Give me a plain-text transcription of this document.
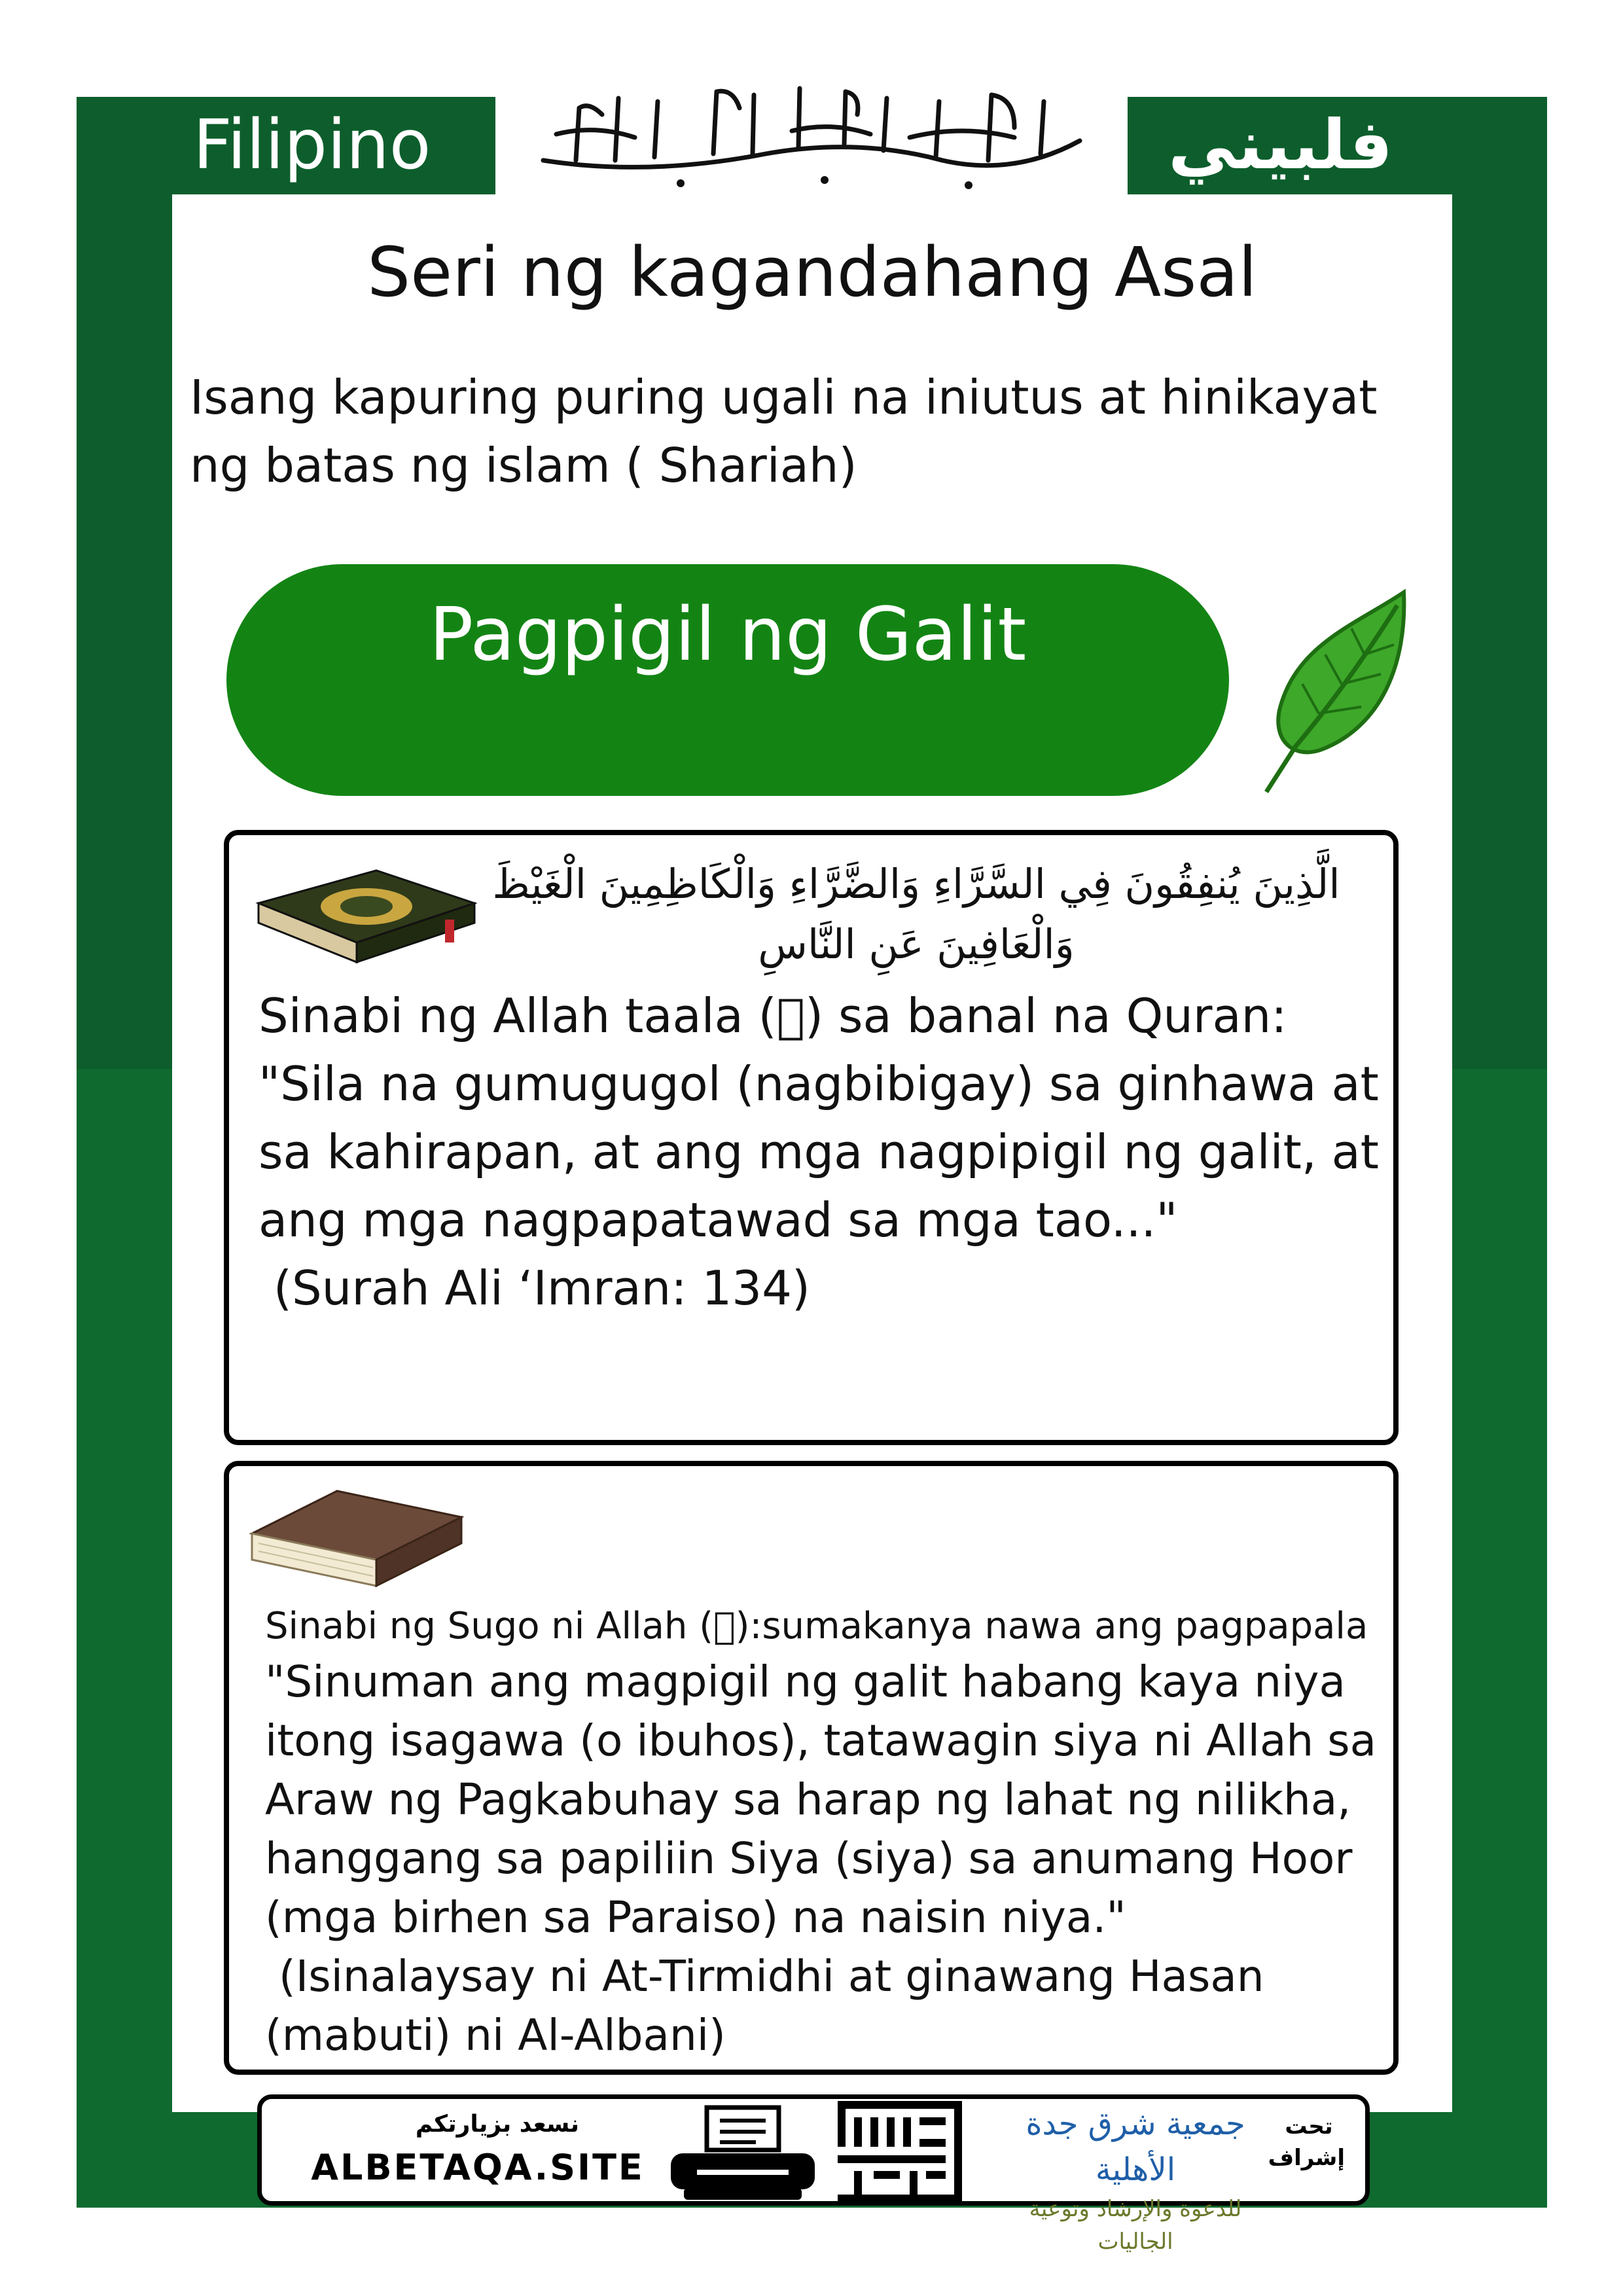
Filipino	فلبيني
Seri ng kagandahang Asal
Isang kapuring puring ugali na iniutus at hinikayat ng batas ng islam ( Shariah)
Pagpigil ng Galit
الَّذِينَ يُنفِقُونَ فِي السَّرَّاءِ وَالضَّرَّاءِ وَالْكَاظِمِينَ الْغَيْظَ وَالْعَافِينَ عَنِ النَّاسِ
Sinabi ng Allah taala ( ) sa banal na Quran:
"Sila na gumugugol (nagbibigay) sa ginhawa at
sa kahirapan, at ang mga nagpipigil ng galit, at
ang mga nagpapatawad sa mga tao..."
(Surah Ali ‘Imran: 134)
Sinabi ng Sugo ni Allah ( ):sumakanya nawa ang pagpapala
"Sinuman ang magpigil ng galit habang kaya niya
itong isagawa (o ibuhos), tatawagin siya ni Allah sa
Araw ng Pagkabuhay sa harap ng lahat ng nilikha,
hanggang sa papiliin Siya (siya) sa anumang Hoor
(mga birhen sa Paraiso) na naisin niya."
(Isinalaysay ni At-Tirmidhi at ginawang Hasan
(mabuti) ni Al-Albani)
نسعد بزيارتكم
ALBETAQA.SITE
جمعية شرق جدة الأهلية
للدعوة والإرشاد وتوعية الجاليات
تحت إشراف
